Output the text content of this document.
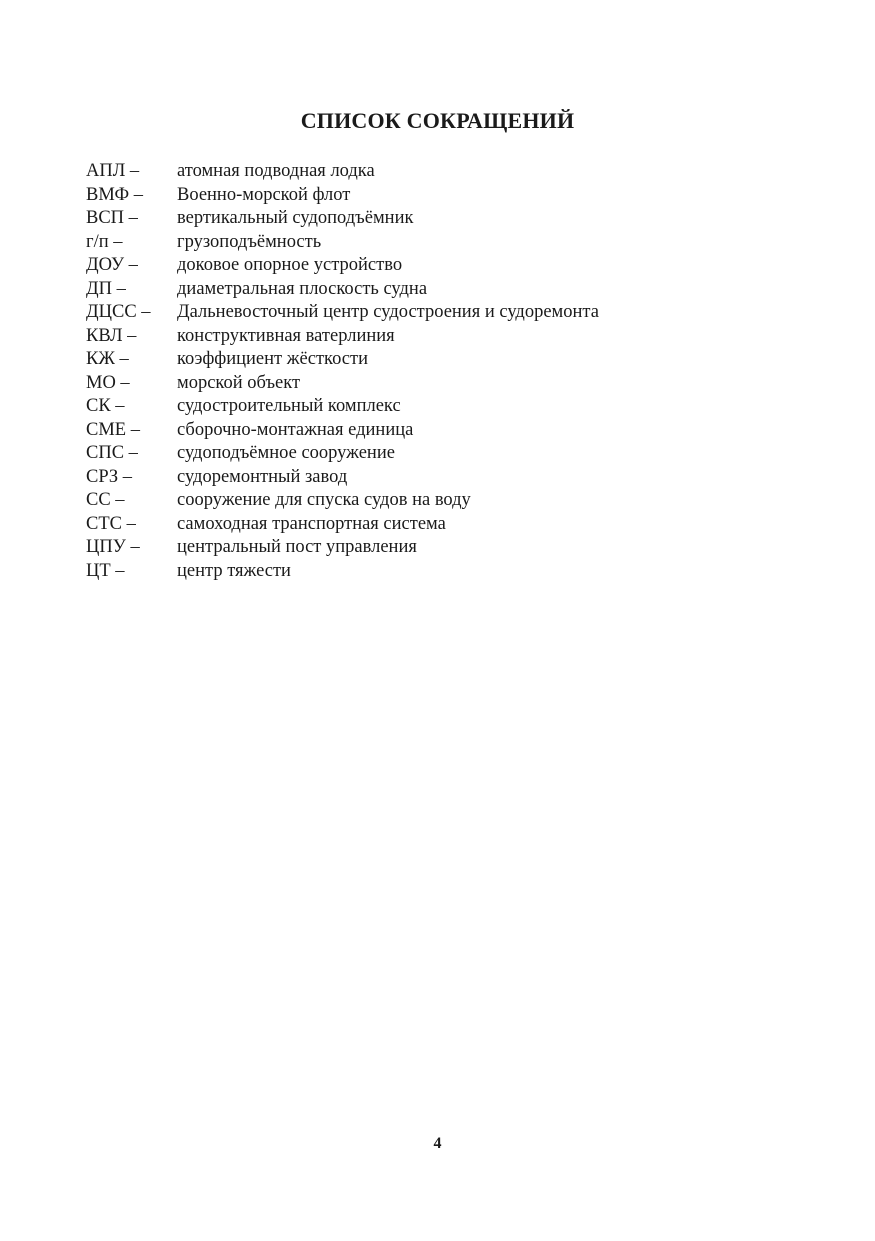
СПИСОК СОКРАЩЕНИЙ
АПЛ –	атомная подводная лодка
ВМФ –	Военно-морской флот
ВСП –	вертикальный судоподъёмник
г/п –	грузоподъёмность
ДОУ –	доковое опорное устройство
ДП –	диаметральная плоскость судна
ДЦСС –	Дальневосточный центр судостроения и судоремонта
КВЛ –	конструктивная ватерлиния
КЖ –	коэффициент жёсткости
МО –	морской объект
СК –	судостроительный комплекс
СМЕ –	сборочно-монтажная единица
СПС –	судоподъёмное сооружение
СРЗ –	судоремонтный завод
СС –	сооружение для спуска судов на воду
СТС –	самоходная транспортная система
ЦПУ –	центральный пост управления
ЦТ –	центр тяжести
4
